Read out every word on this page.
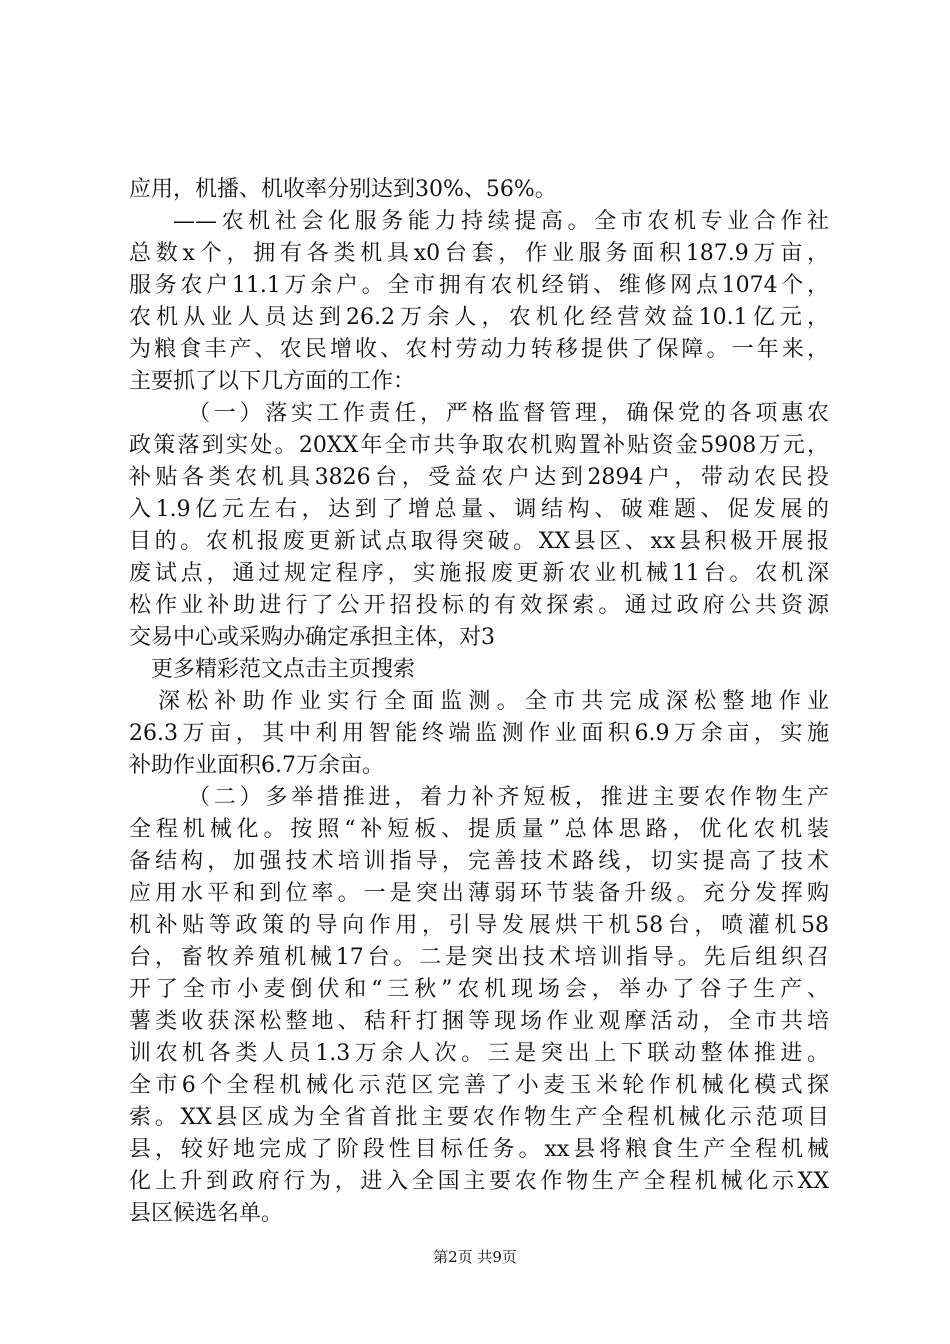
应用，机播、机收率分别达到30%、56%。
——农机社会化服务能力持续提高。全市农机专业合作社
总数x个，拥有各类机具x0台套，作业服务面积187.9万亩，
服务农户11.1万余户。全市拥有农机经销、维修网点1074个，
农机从业人员达到26.2万余人，农机化经营效益10.1亿元，
为粮食丰产、农民增收、农村劳动力转移提供了保障。一年来，
主要抓了以下几方面的工作：
（一）落实工作责任，严格监督管理，确保党的各项惠农
政策落到实处。20XX年全市共争取农机购置补贴资金5908万元，
补贴各类农机具3826台，受益农户达到2894户，带动农民投
入1.9亿元左右，达到了增总量、调结构、破难题、促发展的
目的。农机报废更新试点取得突破。XX县区、xx县积极开展报
废试点，通过规定程序，实施报废更新农业机械11台。农机深
松作业补助进行了公开招投标的有效探索。通过政府公共资源
交易中心或采购办确定承担主体，对3
更多精彩范文点击主页搜索
深松补助作业实行全面监测。全市共完成深松整地作业
26.3万亩，其中利用智能终端监测作业面积6.9万余亩，实施
补助作业面积6.7万余亩。
（二）多举措推进，着力补齐短板，推进主要农作物生产
全程机械化。按照“补短板、提质量”总体思路，优化农机装
备结构，加强技术培训指导，完善技术路线，切实提高了技术
应用水平和到位率。一是突出薄弱环节装备升级。充分发挥购
机补贴等政策的导向作用，引导发展烘干机58台，喷灌机58
台，畜牧养殖机械17台。二是突出技术培训指导。先后组织召
开了全市小麦倒伏和“三秋”农机现场会，举办了谷子生产、
薯类收获深松整地、秸秆打捆等现场作业观摩活动，全市共培
训农机各类人员1.3万余人次。三是突出上下联动整体推进。
全市6个全程机械化示范区完善了小麦玉米轮作机械化模式探
索。XX县区成为全省首批主要农作物生产全程机械化示范项目
县，较好地完成了阶段性目标任务。xx县将粮食生产全程机械
化上升到政府行为，进入全国主要农作物生产全程机械化示XX
县区候选名单。
第2页 共9页
